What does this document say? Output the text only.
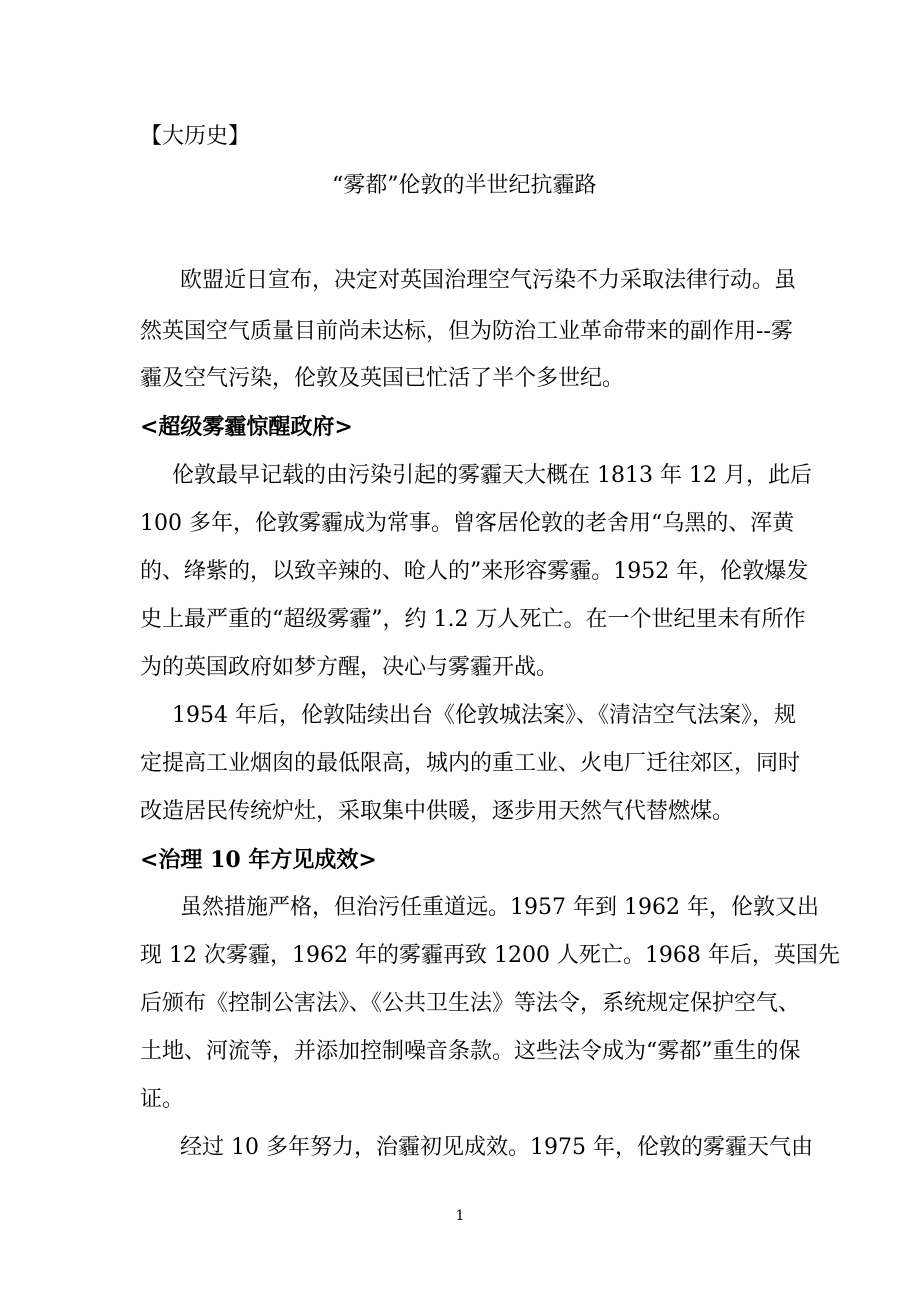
【大历史】
“雾都”伦敦的半世纪抗霾路
欧盟近日宣布，决定对英国治理空气污染不力采取法律行动。虽
然英国空气质量目前尚未达标，但为防治工业革命带来的副作用--雾
霾及空气污染，伦敦及英国已忙活了半个多世纪。
<超级雾霾惊醒政府>
伦敦最早记载的由污染引起的雾霾天大概在 1813 年 12 月，此后
100 多年，伦敦雾霾成为常事。曾客居伦敦的老舍用“乌黑的、浑黄
的、绛紫的，以致辛辣的、呛人的”来形容雾霾。1952 年，伦敦爆发
史上最严重的“超级雾霾”，约 1.2 万人死亡。在一个世纪里未有所作
为的英国政府如梦方醒，决心与雾霾开战。
1954 年后，伦敦陆续出台《伦敦城法案》、《清洁空气法案》，规
定提高工业烟囱的最低限高，城内的重工业、火电厂迁往郊区，同时
改造居民传统炉灶，采取集中供暖，逐步用天然气代替燃煤。
<治理 10 年方见成效>
虽然措施严格，但治污任重道远。1957 年到 1962 年，伦敦又出
现 12 次雾霾，1962 年的雾霾再致 1200 人死亡。1968 年后，英国先
后颁布《控制公害法》、《公共卫生法》等法令，系统规定保护空气、
土地、河流等，并添加控制噪音条款。这些法令成为“雾都”重生的保
证。
经过 10 多年努力，治霾初见成效。1975 年，伦敦的雾霾天气由
1
